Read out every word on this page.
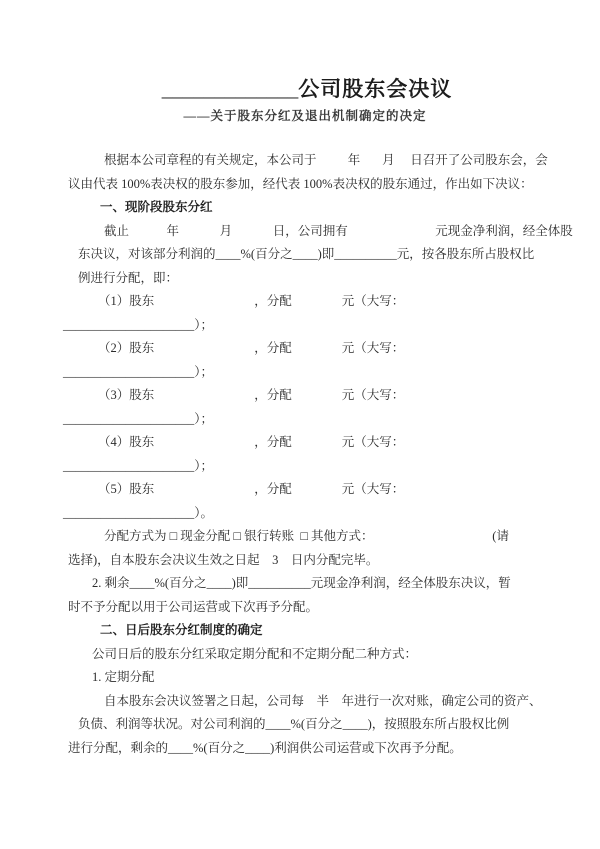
_____________公司股东会决议
——关于股东分红及退出机制确定的决定
根据本公司章程的有关规定，本公司于          年       月     日召开了公司股东会，会
议由代表 100%表决权的股东参加，经代表 100%表决权的股东通过，作出如下决议：
一、现阶段股东分红
截止            年             月             日，公司拥有                            元现金净利润，经全体股
东决议，对该部分利润的____%(百分之____)即__________元，按各股东所占股权比
例进行分配，即：
（1）股东                                ，分配                元（大写：
_____________________）；
（2）股东                                ，分配                元（大写：
_____________________）；
（3）股东                                ，分配                元（大写：
_____________________）；
（4）股东                                ，分配                元（大写：
_____________________）；
（5）股东                                ，分配                元（大写：
_____________________）。
分配方式为 □ 现金分配 □ 银行转账  □ 其他方式：                                      (请
选择)，自本股东会决议生效之日起    3    日内分配完毕。
2. 剩余____%(百分之____)即__________元现金净利润，经全体股东决议，暂
时不予分配以用于公司运营或下次再予分配。
二、日后股东分红制度的确定
公司日后的股东分红采取定期分配和不定期分配二种方式：
1. 定期分配
自本股东会决议签署之日起，公司每    半    年进行一次对账，确定公司的资产、
负债、利润等状况。对公司利润的____%(百分之____)，按照股东所占股权比例
进行分配，剩余的____%(百分之____)利润供公司运营或下次再予分配。
